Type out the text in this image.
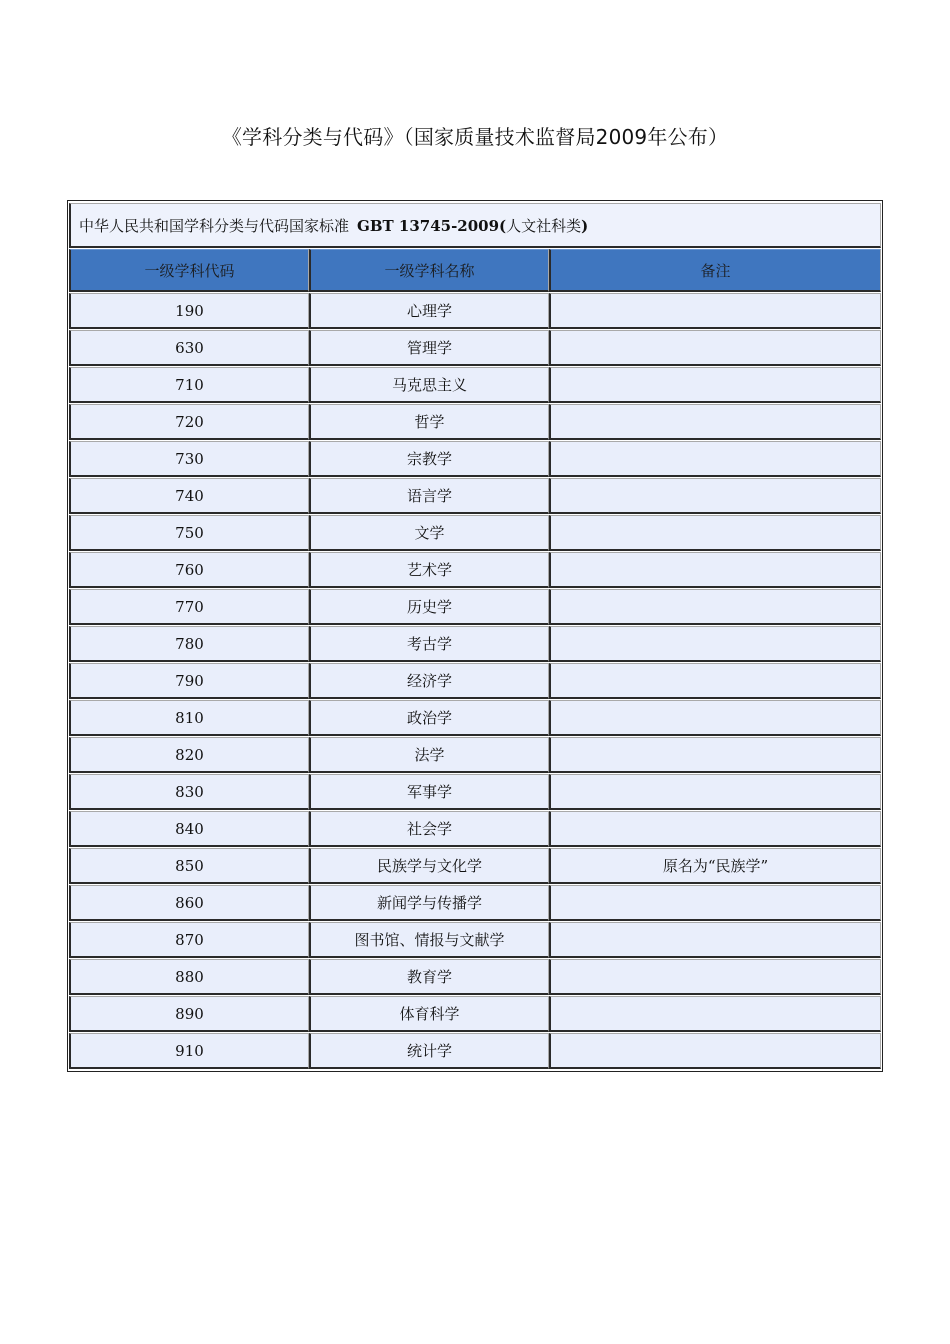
《学科分类与代码》（国家质量技术监督局2009年公布）
中华人民共和国学科分类与代码国家标准 GBT 13745-2009(人文社科类)		
一级学科代码	一级学科名称	备注
190	心理学	
630	管理学	
710	马克思主义	
720	哲学	
730	宗教学	
740	语言学	
750	文学	
760	艺术学	
770	历史学	
780	考古学	
790	经济学	
810	政治学	
820	法学	
830	军事学	
840	社会学	
850	民族学与文化学	原名为“民族学”
860	新闻学与传播学	
870	图书馆、情报与文献学	
880	教育学	
890	体育科学	
910	统计学	
